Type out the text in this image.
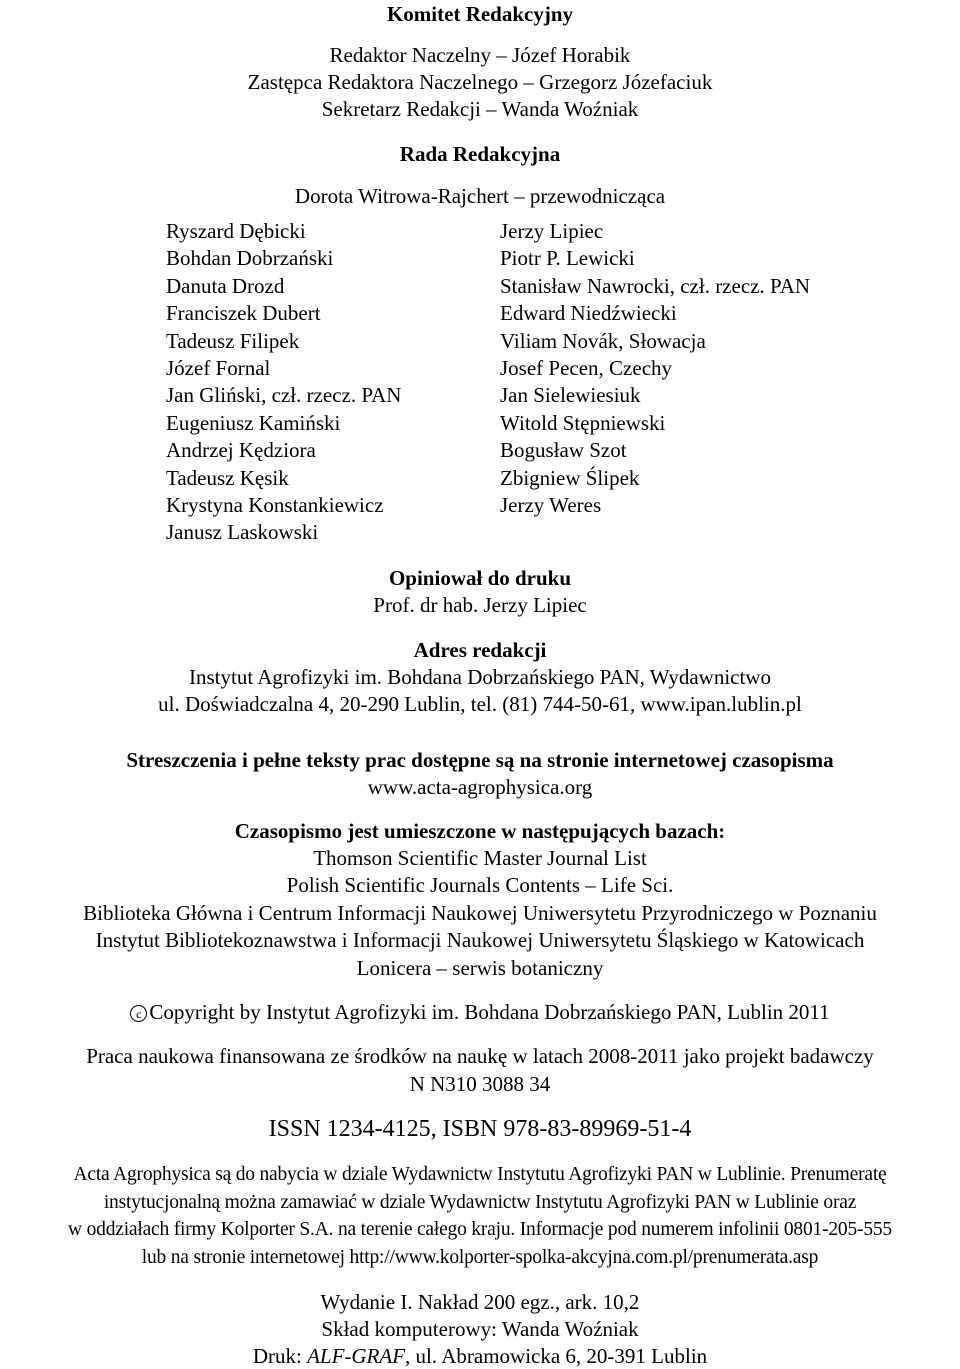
Komitet Redakcyjny
Redaktor Naczelny – Józef Horabik
Zastępca Redaktora Naczelnego – Grzegorz Józefaciuk
Sekretarz Redakcji – Wanda Woźniak
Rada Redakcyjna
Dorota Witrowa-Rajchert – przewodnicząca
Ryszard Dębicki
Bohdan Dobrzański
Danuta Drozd
Franciszek Dubert
Tadeusz Filipek
Józef Fornal
Jan Gliński, czł. rzecz. PAN
Eugeniusz Kamiński
Andrzej Kędziora
Tadeusz Kęsik
Krystyna Konstankiewicz
Janusz Laskowski
Jerzy Lipiec
Piotr P. Lewicki
Stanisław Nawrocki, czł. rzecz. PAN
Edward Niedźwiecki
Viliam Novák, Słowacja
Josef Pecen, Czechy
Jan Sielewiesiuk
Witold Stępniewski
Bogusław Szot
Zbigniew Ślipek
Jerzy Weres
Opiniował do druku
Prof. dr hab. Jerzy Lipiec
Adres redakcji
Instytut Agrofizyki im. Bohdana Dobrzańskiego PAN, Wydawnictwo
ul. Doświadczalna 4, 20-290 Lublin, tel. (81) 744-50-61, www.ipan.lublin.pl
Streszczenia i pełne teksty prac dostępne są na stronie internetowej czasopisma
www.acta-agrophysica.org
Czasopismo jest umieszczone w następujących bazach:
Thomson Scientific Master Journal List
Polish Scientific Journals Contents – Life Sci.
Biblioteka Główna i Centrum Informacji Naukowej Uniwersytetu Przyrodniczego w Poznaniu
Instytut Bibliotekoznawstwa i Informacji Naukowej Uniwersytetu Śląskiego w Katowicach
Lonicera – serwis botaniczny
c Copyright by Instytut Agrofizyki im. Bohdana Dobrzańskiego PAN, Lublin 2011
Praca naukowa finansowana ze środków na naukę w latach 2008-2011 jako projekt badawczy
N N310 3088 34
ISSN 1234-4125, ISBN 978-83-89969-51-4
Acta Agrophysica są do nabycia w dziale Wydawnictw Instytutu Agrofizyki PAN w Lublinie. Prenumeratę
instytucjonalną można zamawiać w dziale Wydawnictw Instytutu Agrofizyki PAN w Lublinie oraz
w oddziałach firmy Kolporter S.A. na terenie całego kraju. Informacje pod numerem infolinii 0801-205-555
lub na stronie internetowej http://www.kolporter-spolka-akcyjna.com.pl/prenumerata.asp
Wydanie I. Nakład 200 egz., ark. 10,2
Skład komputerowy: Wanda Woźniak
Druk: ALF-GRAF, ul. Abramowicka 6, 20-391 Lublin
